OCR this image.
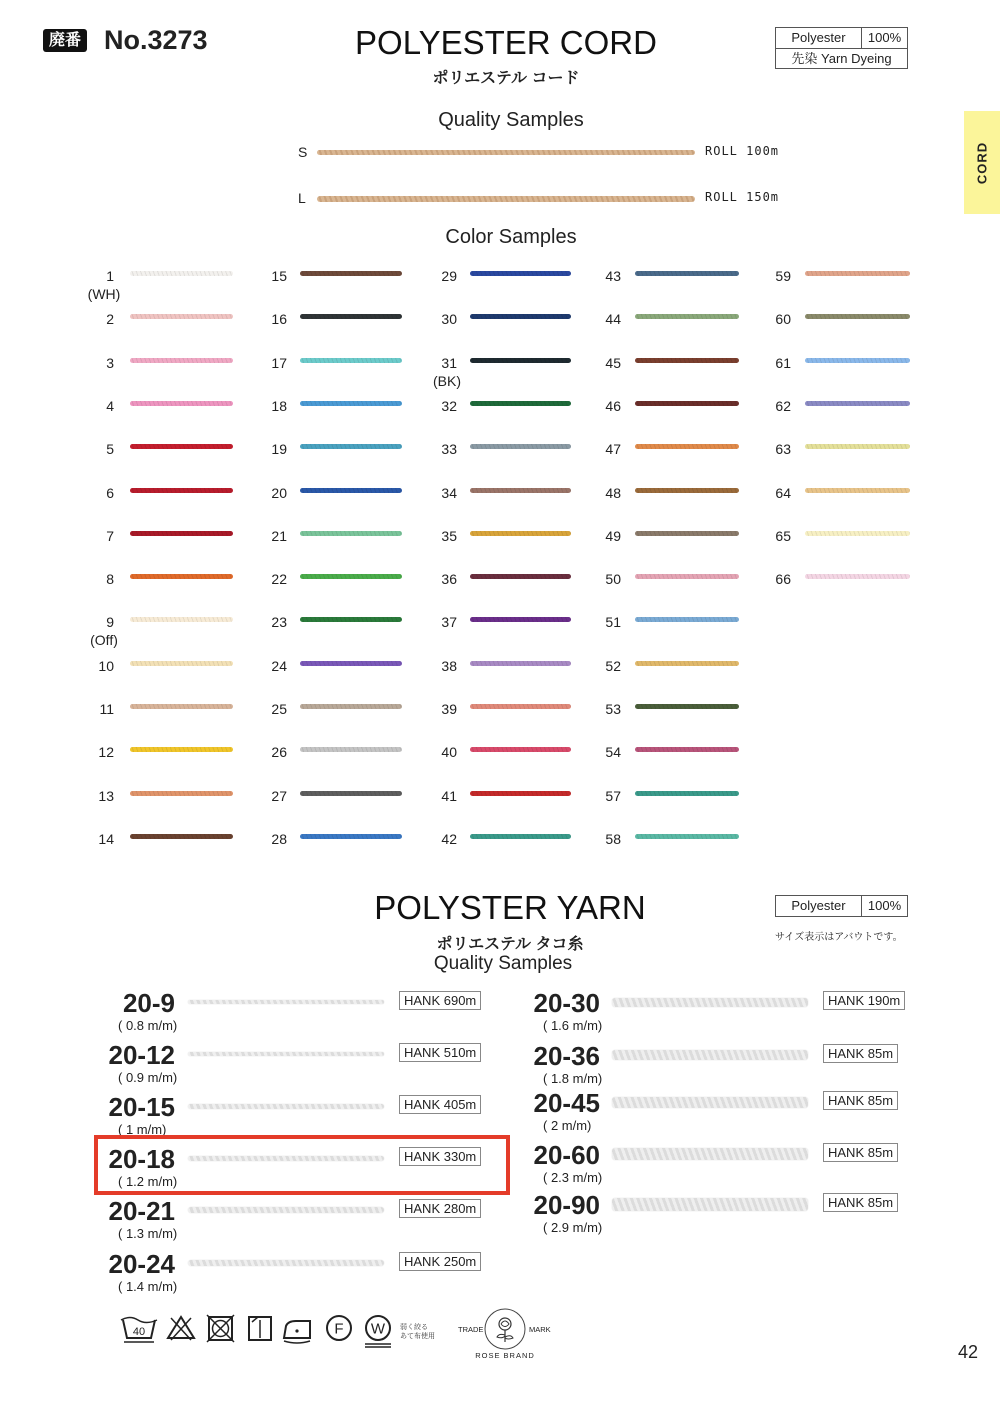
廃番 No.3273	POLYESTER CORD
ポリエステル コード
Polyester	100%
先染 Yarn Dyeing
CORD
Quality Samples
S	ROLL 100m
L	ROLL 150m
Color Samples
1
(WH)
2
3
4
5
6
7
8
9
(Off)
10
11
12
13
14
15
16
17
18
19
20
21
22
23
24
25
26
27
28
29
30
31
(BK)
32
33
34
35
36
37
38
39
40
41
42
43
44
45
46
47
48
49
50
51
52
53
54
57
58
59
60
61
62
63
64
65
66
POLYSTER YARN
ポリエステル タコ糸
Quality Samples
Polyester	100%
サイズ表示はアバウトです。
20-9
( 0.8 m/m)
HANK 690m
20-12
( 0.9 m/m)
HANK 510m
20-15
( 1 m/m)
HANK 405m
20-18
( 1.2 m/m)
HANK 330m
20-21
( 1.3 m/m)
HANK 280m
20-24
( 1.4 m/m)
HANK 250m
20-30
( 1.6 m/m)
HANK 190m
20-36
( 1.8 m/m)
HANK 85m
20-45
( 2 m/m)
HANK 85m
20-60
( 2.3 m/m)
HANK 85m
20-90
( 2.9 m/m)
HANK 85m
40	F W 弱く絞る
あて布使用
TRADE	MARK
ROSE BRAND	42
